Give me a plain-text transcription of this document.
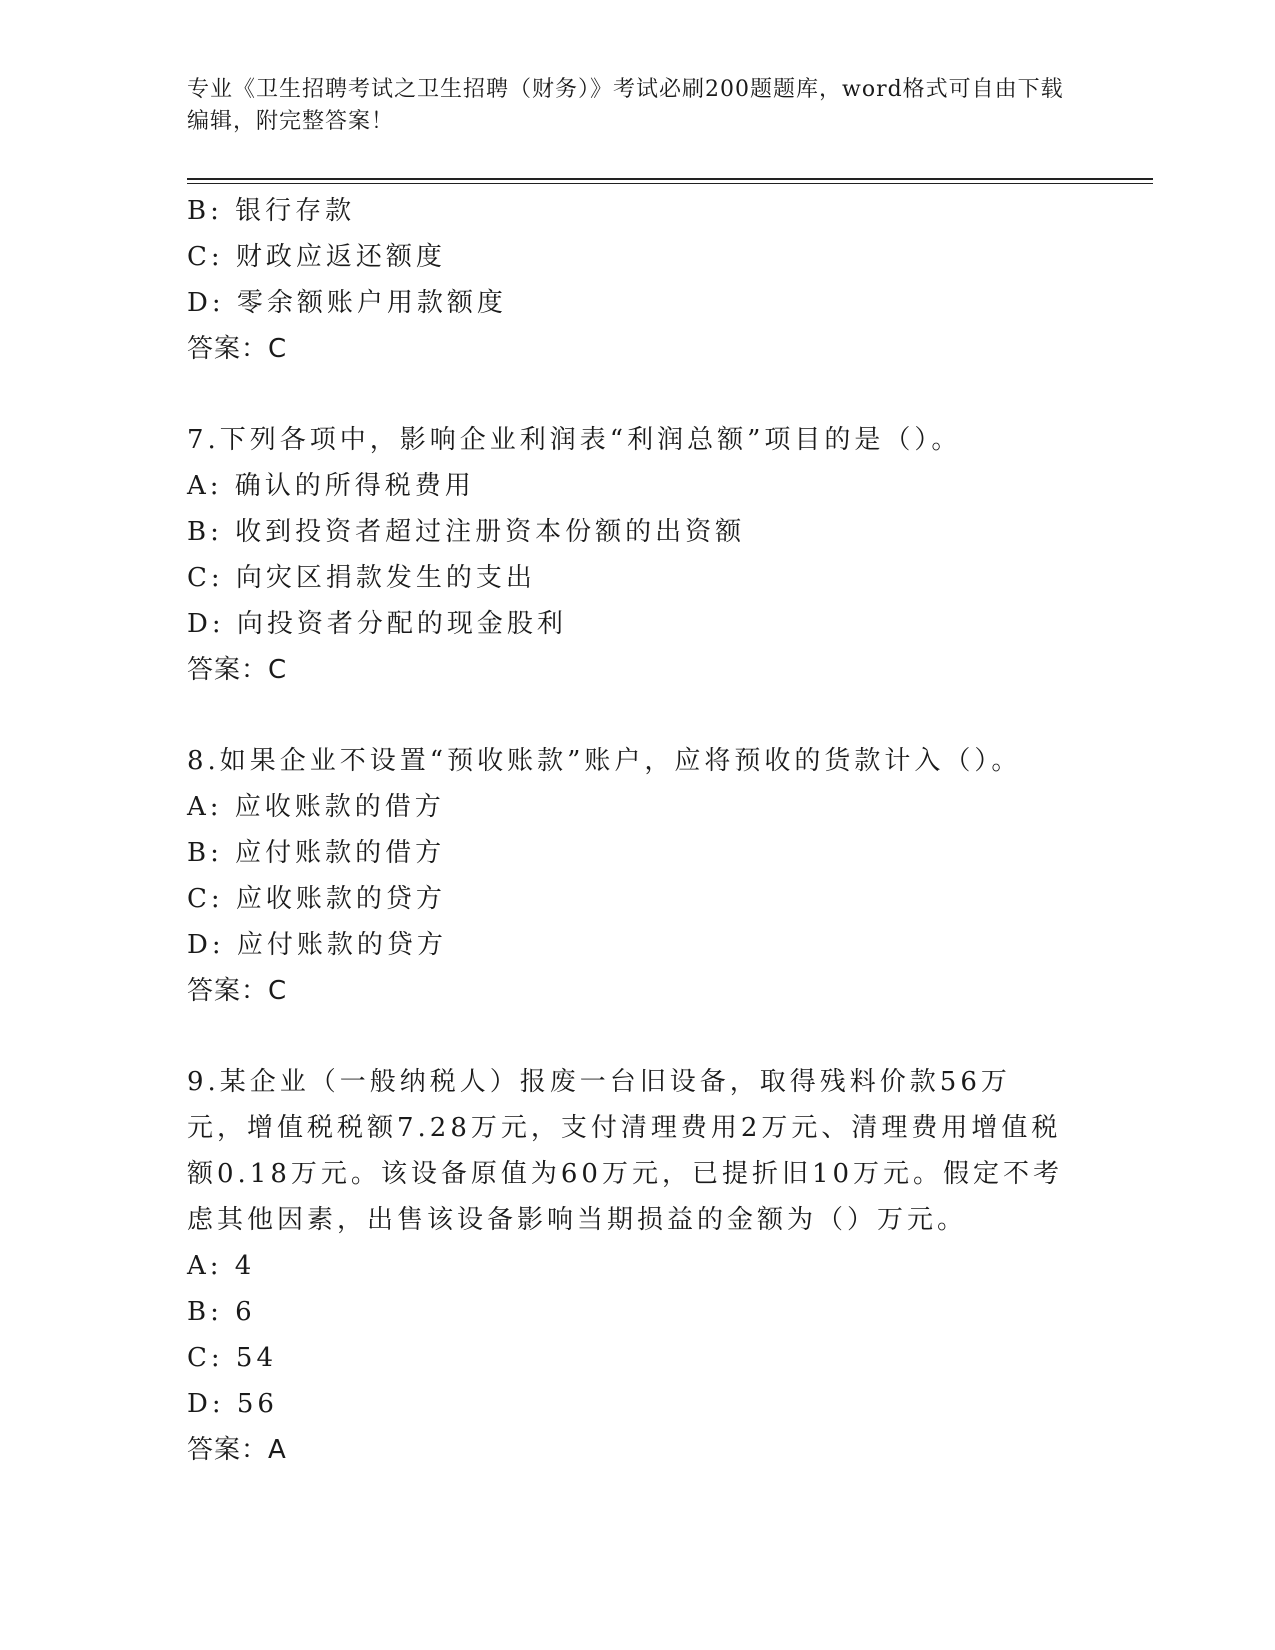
专业《卫生招聘考试之卫生招聘（财务）》考试必刷200题题库，word格式可自由下载编辑，附完整答案！
B: 银行存款
C: 财政应返还额度
D: 零余额账户用款额度
答案：C
7.下列各项中，影响企业利润表“利润总额”项目的是（）。
A: 确认的所得税费用
B: 收到投资者超过注册资本份额的出资额
C: 向灾区捐款发生的支出
D: 向投资者分配的现金股利
答案：C
8.如果企业不设置“预收账款”账户，应将预收的货款计入（）。
A: 应收账款的借方
B: 应付账款的借方
C: 应收账款的贷方
D: 应付账款的贷方
答案：C
9.某企业（一般纳税人）报废一台旧设备，取得残料价款56万元，增值税税额7.28万元，支付清理费用2万元、清理费用增值税额0.18万元。该设备原值为60万元，已提折旧10万元。假定不考虑其他因素，出售该设备影响当期损益的金额为（）万元。
A: 4
B: 6
C: 54
D: 56
答案：A
